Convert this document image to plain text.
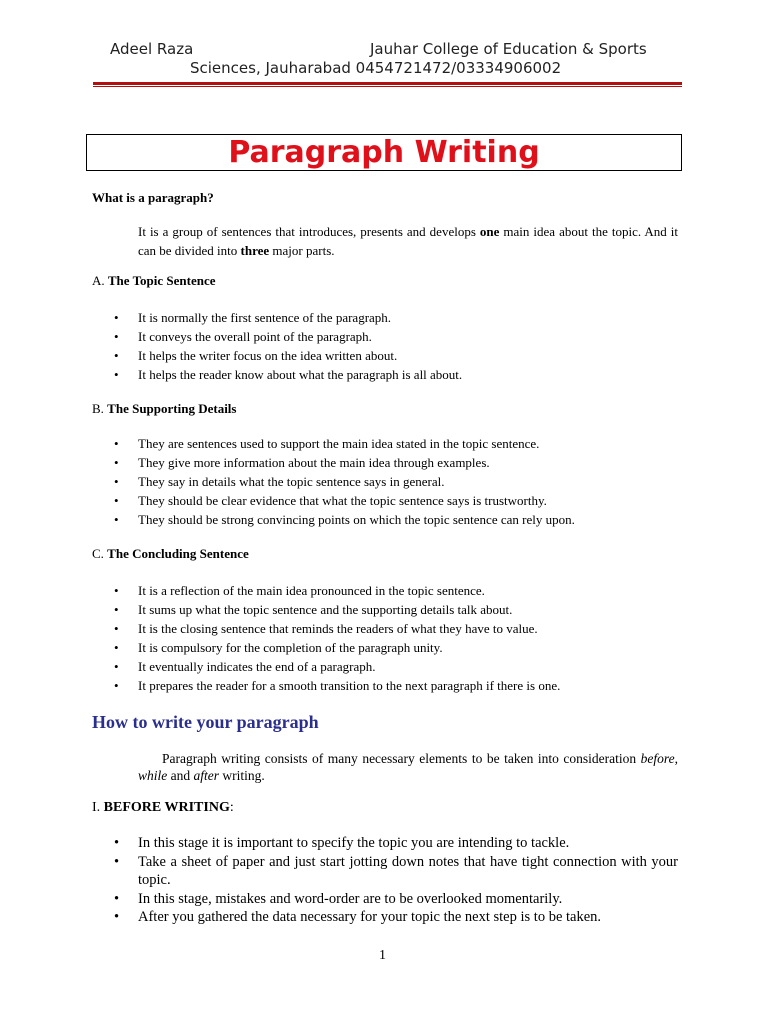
Adeel Raza	Jauhar College of Education & Sports
Sciences, Jauharabad 0454721472/03334906002
Paragraph Writing
What is a paragraph?
It is a group of sentences that introduces, presents and develops one main idea about the topic. And it can be divided into three major parts.
A. The Topic Sentence
• It is normally the first sentence of the paragraph.
• It conveys the overall point of the paragraph.
• It helps the writer focus on the idea written about.
• It helps the reader know about what the paragraph is all about.
B. The Supporting Details
• They are sentences used to support the main idea stated in the topic sentence.
• They give more information about the main idea through examples.
• They say in details what the topic sentence says in general.
• They should be clear evidence that what the topic sentence says is trustworthy.
• They should be strong convincing points on which the topic sentence can rely upon.
C. The Concluding Sentence
• It is a reflection of the main idea pronounced in the topic sentence.
• It sums up what the topic sentence and the supporting details talk about.
• It is the closing sentence that reminds the readers of what they have to value.
• It is compulsory for the completion of the paragraph unity.
• It eventually indicates the end of a paragraph.
• It prepares the reader for a smooth transition to the next paragraph if there is one.
How to write your paragraph
Paragraph writing consists of many necessary elements to be taken into consideration before, while and after writing.
I. BEFORE WRITING:
• In this stage it is important to specify the topic you are intending to tackle.
• Take a sheet of paper and just start jotting down notes that have tight connection with your topic.
• In this stage, mistakes and word-order are to be overlooked momentarily.
• After you gathered the data necessary for your topic the next step is to be taken.
1
